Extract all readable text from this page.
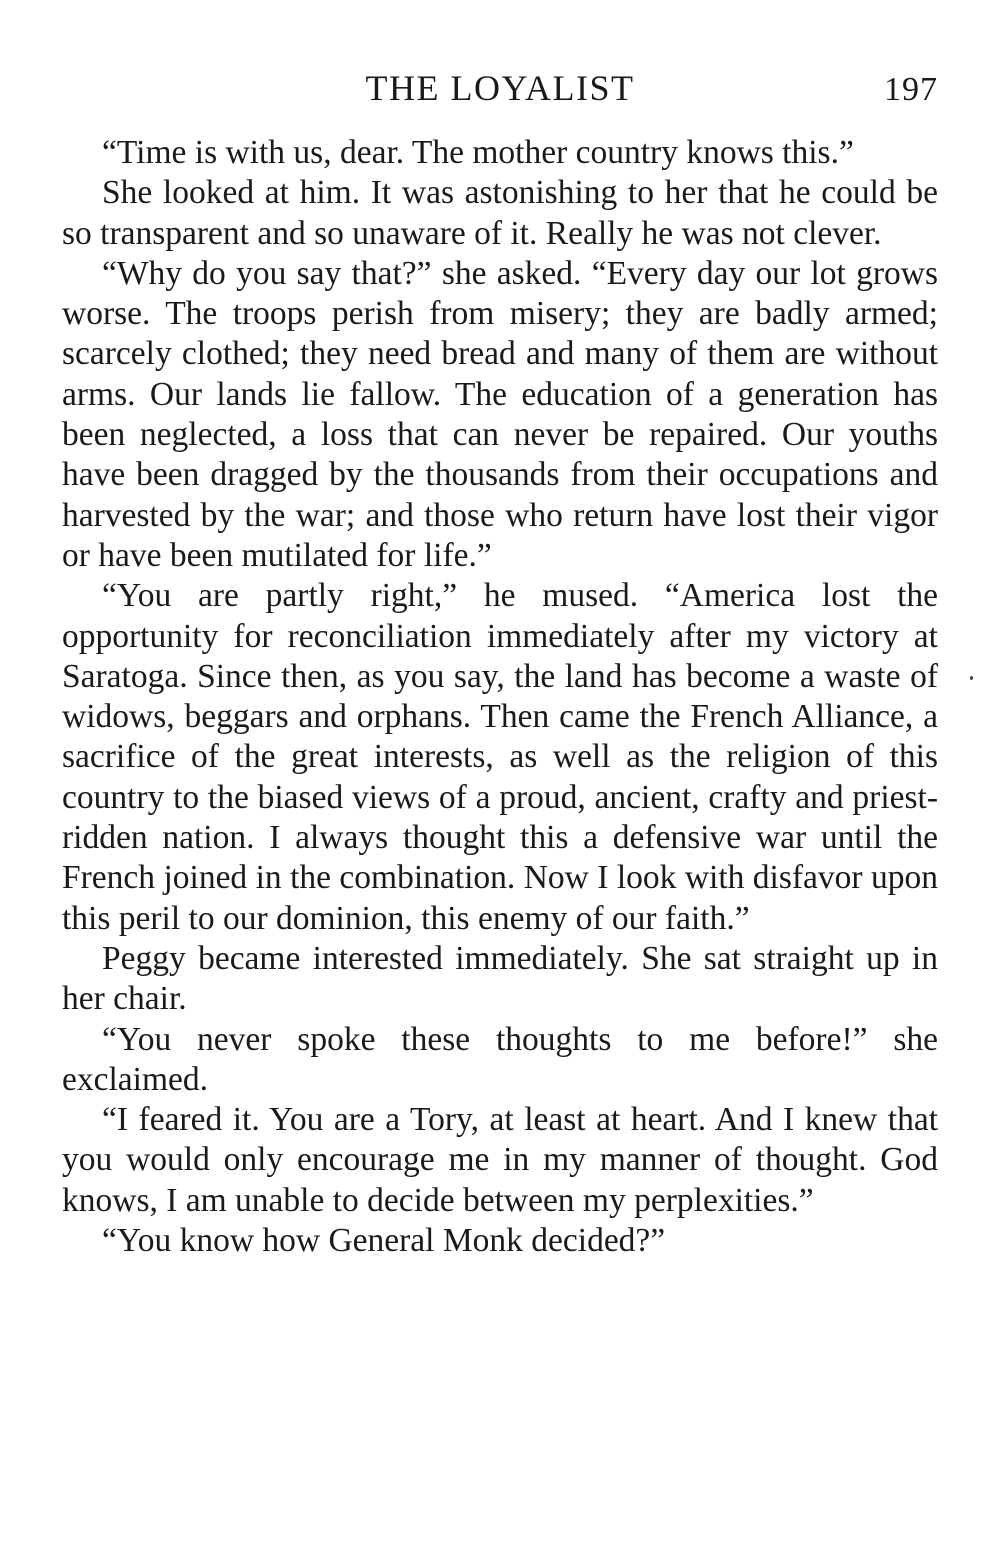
THE LOYALIST	197

“Time is with us, dear. The mother country knows this.”

She looked at him. It was astonishing to her that he could be so transparent and so unaware of it. Really he was not clever.

“Why do you say that?” she asked. “Every day our lot grows worse. The troops perish from misery; they are badly armed; scarcely clothed; they need bread and many of them are without arms. Our lands lie fallow. The education of a generation has been neglected, a loss that can never be repaired. Our youths have been dragged by the thousands from their occupations and harvested by the war; and those who return have lost their vigor or have been mutilated for life.”

“You are partly right,” he mused. “America lost the opportunity for reconciliation immediately after my victory at Saratoga. Since then, as you say, the land has become a waste of widows, beggars and orphans. Then came the French Alliance, a sacrifice of the great interests, as well as the religion of this country to the biased views of a proud, ancient, crafty and priest-ridden nation. I always thought this a defensive war until the French joined in the combination. Now I look with disfavor upon this peril to our dominion, this enemy of our faith.”

Peggy became interested immediately. She sat straight up in her chair.

“You never spoke these thoughts to me before!” she exclaimed.

“I feared it. You are a Tory, at least at heart. And I knew that you would only encourage me in my manner of thought. God knows, I am unable to decide between my perplexities.”

“You know how General Monk decided?”
